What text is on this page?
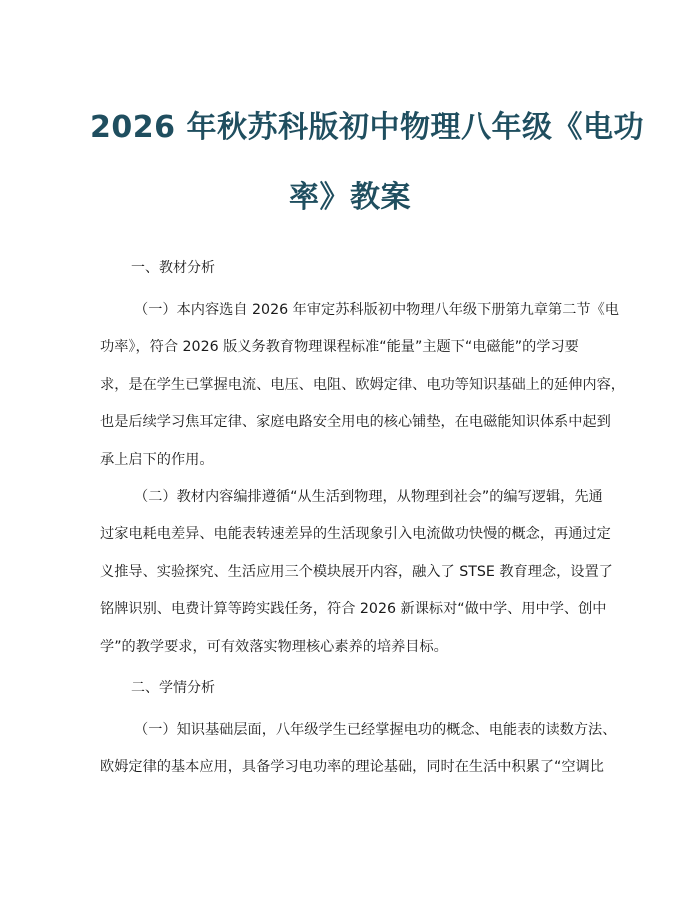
2026 年秋苏科版初中物理八年级《电功
率》教案
一、教材分析
（一）本内容选自 2026 年审定苏科版初中物理八年级下册第九章第二节《电
功率》，符合 2026 版义务教育物理课程标准“能量”主题下“电磁能”的学习要
求，是在学生已掌握电流、电压、电阻、欧姆定律、电功等知识基础上的延伸内容，
也是后续学习焦耳定律、家庭电路安全用电的核心铺垫，在电磁能知识体系中起到
承上启下的作用。
（二）教材内容编排遵循“从生活到物理，从物理到社会”的编写逻辑，先通
过家电耗电差异、电能表转速差异的生活现象引入电流做功快慢的概念，再通过定
义推导、实验探究、生活应用三个模块展开内容，融入了 STSE 教育理念，设置了
铭牌识别、电费计算等跨实践任务，符合 2026 新课标对“做中学、用中学、创中
学”的教学要求，可有效落实物理核心素养的培养目标。
二、学情分析
（一）知识基础层面，八年级学生已经掌握电功的概念、电能表的读数方法、
欧姆定律的基本应用，具备学习电功率的理论基础，同时在生活中积累了“空调比
